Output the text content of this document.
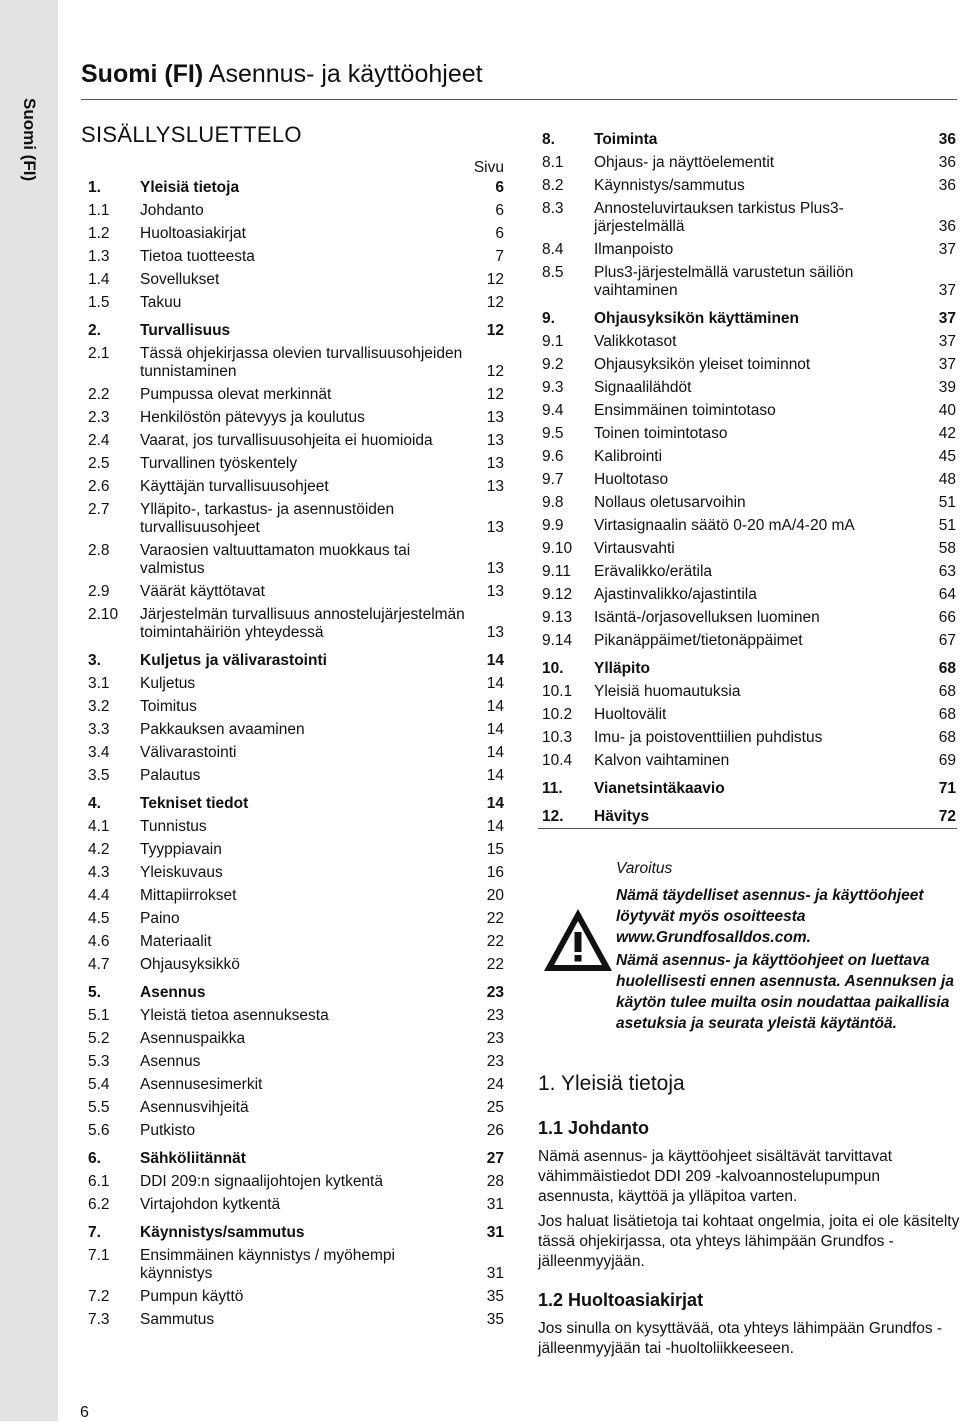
Suomi (FI)
Suomi (FI) Asennus- ja käyttöohjeet
SISÄLLYSLUETTELO
Sivu
1.	Yleisiä tietoja	6
1.1	Johdanto	6
1.2	Huoltoasiakirjat	6
1.3	Tietoa tuotteesta	7
1.4	Sovellukset	12
1.5	Takuu	12
2.	Turvallisuus	12
2.1	Tässä ohjekirjassa olevien turvallisuusohjeiden tunnistaminen	12
2.2	Pumpussa olevat merkinnät	12
2.3	Henkilöstön pätevyys ja koulutus	13
2.4	Vaarat, jos turvallisuusohjeita ei huomioida	13
2.5	Turvallinen työskentely	13
2.6	Käyttäjän turvallisuusohjeet	13
2.7	Ylläpito-, tarkastus- ja asennustöiden turvallisuusohjeet	13
2.8	Varaosien valtuuttamaton muokkaus tai valmistus	13
2.9	Väärät käyttötavat	13
2.10	Järjestelmän turvallisuus annostelujärjestelmän toimintahäiriön yhteydessä	13
3.	Kuljetus ja välivarastointi	14
3.1	Kuljetus	14
3.2	Toimitus	14
3.3	Pakkauksen avaaminen	14
3.4	Välivarastointi	14
3.5	Palautus	14
4.	Tekniset tiedot	14
4.1	Tunnistus	14
4.2	Tyyppiavain	15
4.3	Yleiskuvaus	16
4.4	Mittapiirrokset	20
4.5	Paino	22
4.6	Materiaalit	22
4.7	Ohjausyksikkö	22
5.	Asennus	23
5.1	Yleistä tietoa asennuksesta	23
5.2	Asennuspaikka	23
5.3	Asennus	23
5.4	Asennusesimerkit	24
5.5	Asennusvihjeitä	25
5.6	Putkisto	26
6.	Sähköliitännät	27
6.1	DDI 209:n signaalijohtojen kytkentä	28
6.2	Virtajohdon kytkentä	31
7.	Käynnistys/sammutus	31
7.1	Ensimmäinen käynnistys / myöhempi käynnistys	31
7.2	Pumpun käyttö	35
7.3	Sammutus	35
8.	Toiminta	36
8.1	Ohjaus- ja näyttöelementit	36
8.2	Käynnistys/sammutus	36
8.3	Annosteluvirtauksen tarkistus Plus3-järjestelmällä	36
8.4	Ilmanpoisto	37
8.5	Plus3-järjestelmällä varustetun säiliön vaihtaminen	37
9.	Ohjausyksikön käyttäminen	37
9.1	Valikkotasot	37
9.2	Ohjausyksikön yleiset toiminnot	37
9.3	Signaalilähdöt	39
9.4	Ensimmäinen toimintotaso	40
9.5	Toinen toimintotaso	42
9.6	Kalibrointi	45
9.7	Huoltotaso	48
9.8	Nollaus oletusarvoihin	51
9.9	Virtasignaalin säätö 0-20 mA/4-20 mA	51
9.10	Virtausvahti	58
9.11	Erävalikko/erätila	63
9.12	Ajastinvalikko/ajastintila	64
9.13	Isäntä-/orjasovelluksen luominen	66
9.14	Pikanäppäimet/tietonäppäimet	67
10.	Ylläpito	68
10.1	Yleisiä huomautuksia	68
10.2	Huoltovälit	68
10.3	Imu- ja poistoventtiilien puhdistus	68
10.4	Kalvon vaihtaminen	69
11.	Vianetsintäkaavio	71
12.	Hävitys	72

Varoitus

Nämä täydelliset asennus- ja käyttöohjeet löytyvät myös osoitteesta www.Grundfosalldos.com.

Nämä asennus- ja käyttöohjeet on luettava huolellisesti ennen asennusta. Asennuksen ja käytön tulee muilta osin noudattaa paikallisia asetuksia ja seurata yleistä käytäntöä.

1. Yleisiä tietoja
1.1 Johdanto

Nämä asennus- ja käyttöohjeet sisältävät tarvittavat vähimmäistiedot DDI 209 -kalvoannostelupumpun asennusta, käyttöä ja ylläpitoa varten.

Jos haluat lisätietoja tai kohtaat ongelmia, joita ei ole käsitelty tässä ohjekirjassa, ota yhteys lähimpään Grundfos -jälleenmyyjään.

1.2 Huoltoasiakirjat

Jos sinulla on kysyttävää, ota yhteys lähimpään Grundfos -jälleenmyyjään tai -huoltoliikkeeseen.

6
